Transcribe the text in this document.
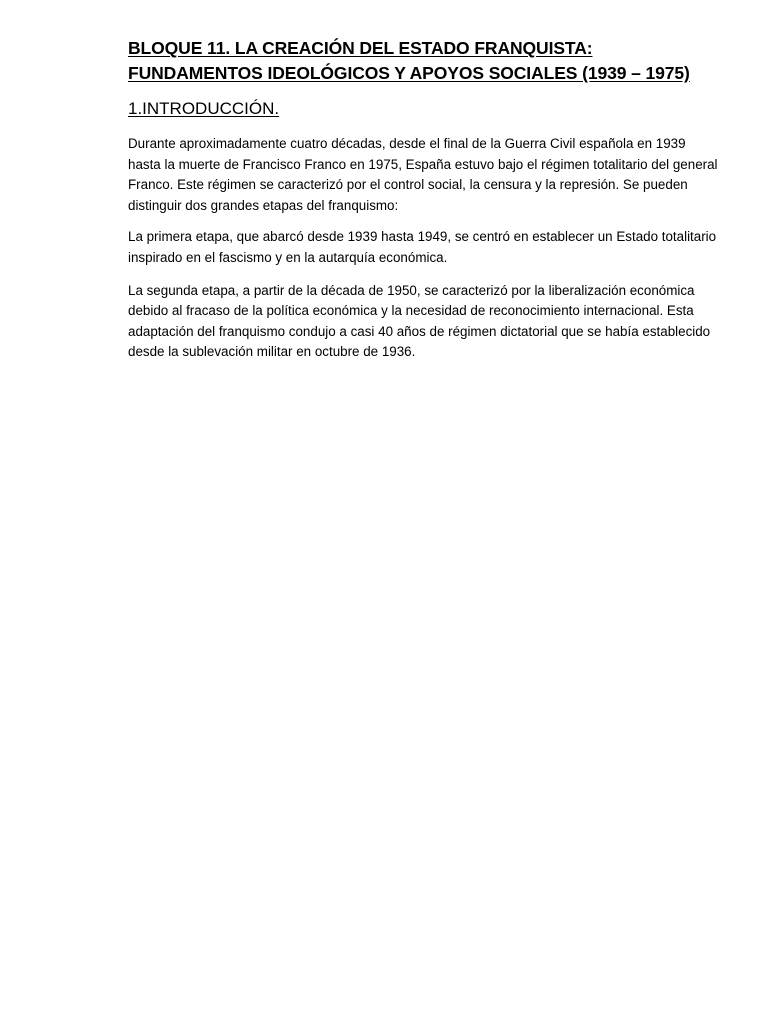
BLOQUE 11. LA CREACIÓN DEL ESTADO FRANQUISTA:
FUNDAMENTOS IDEOLÓGICOS Y APOYOS SOCIALES (1939 – 1975)
1.INTRODUCCIÓN.

Durante aproximadamente cuatro décadas, desde el final de la Guerra Civil española en 1939 hasta la muerte de Francisco Franco en 1975, España estuvo bajo el régimen totalitario del general Franco. Este régimen se caracterizó por el control social, la censura y la represión. Se pueden distinguir dos grandes etapas del franquismo:

La primera etapa, que abarcó desde 1939 hasta 1949, se centró en establecer un Estado totalitario inspirado en el fascismo y en la autarquía económica.

La segunda etapa, a partir de la década de 1950, se caracterizó por la liberalización económica debido al fracaso de la política económica y la necesidad de reconocimiento internacional. Esta adaptación del franquismo condujo a casi 40 años de régimen dictatorial que se había establecido desde la sublevación militar en octubre de 1936.
